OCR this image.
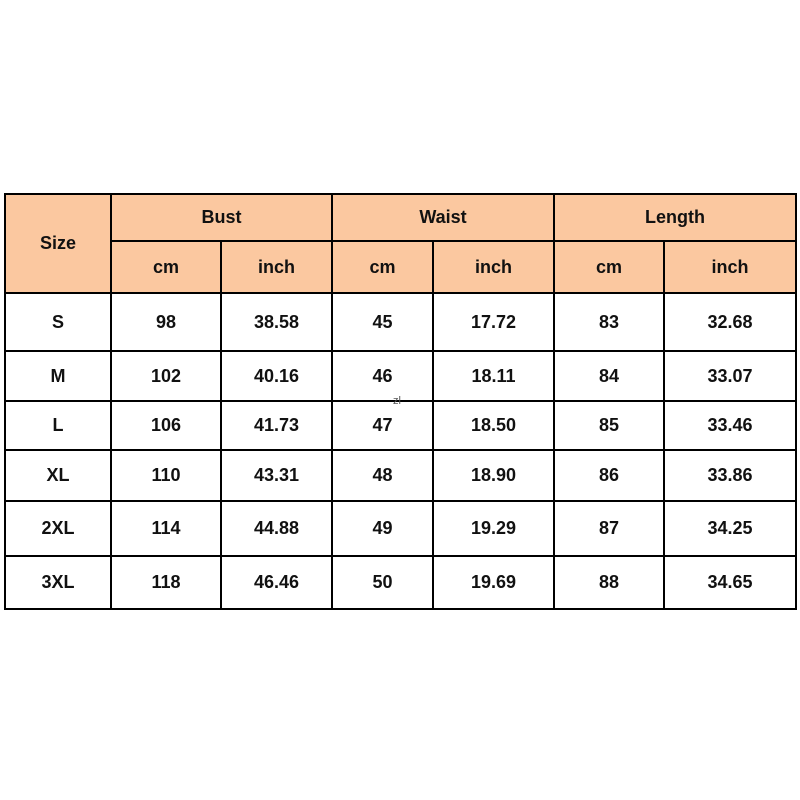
Size	Bust		Waist		Length	
	cm	inch	cm	inch	cm	inch
S	98	38.58	45	17.72	83	32.68
M	102	40.16	46	18.11	84	33.07
L	106	41.73	47	18.50	85	33.46
XL	110	43.31	48	18.90	86	33.86
2XL	114	44.88	49	19.29	87	34.25
3XL	118	46.46	50	19.69	88	34.65
zl
